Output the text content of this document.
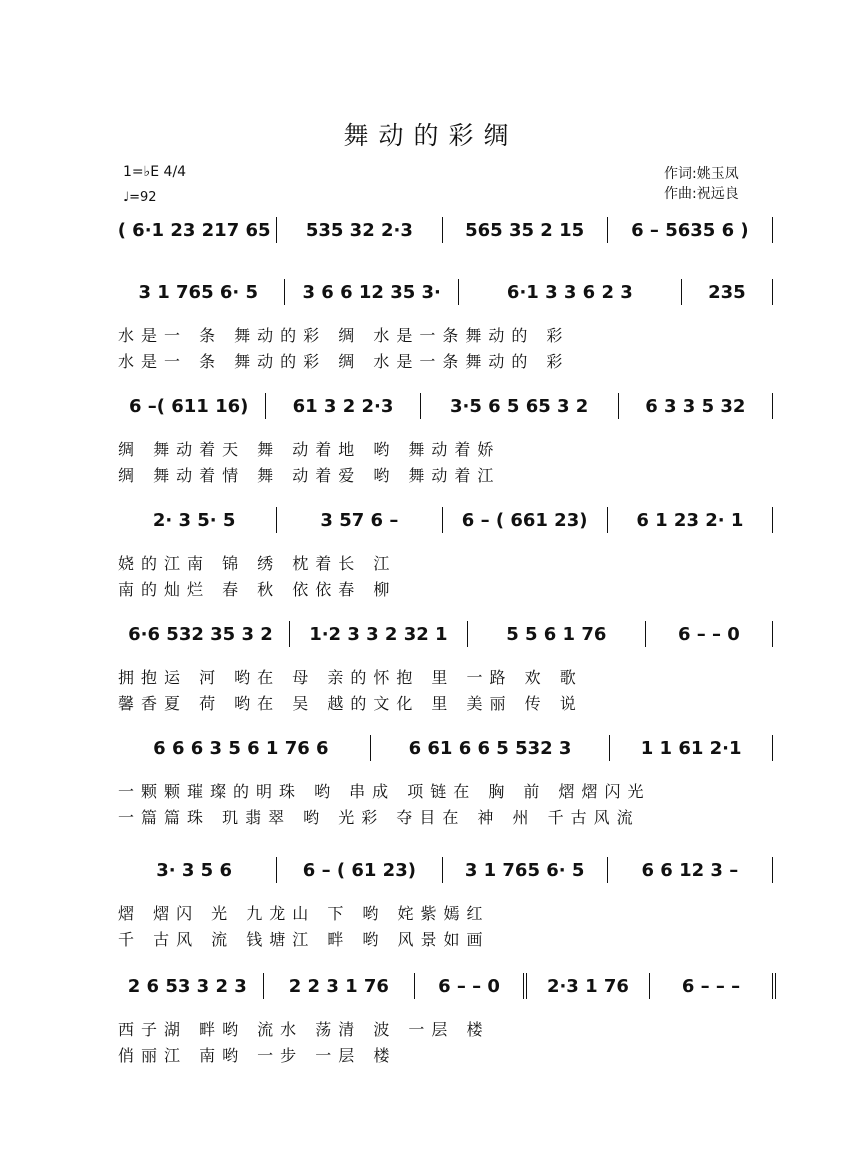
舞动的彩绸
1=♭E 4/4
♩=92
作词:姚玉凤
作曲:祝远良
( 6·1 23 217 65	535 32 2·3	565 35 2 15	6 – 5635 6 )
3 1 765 6· 5	3 6 6 12 35 3·	6·1 3 3 6 2 3	235
水是一 条 舞动的彩 绸 水是一条舞动的 彩
水是一 条 舞动的彩 绸 水是一条舞动的 彩
6 –( 611 16)	61 3 2 2·3	3·5 6 5 65 3 2	6 3 3 5 32
绸 舞动着天 舞 动着地 哟 舞动着娇
绸 舞动着情 舞 动着爱 哟 舞动着江
2· 3 5· 5	3 57 6 –	6 – ( 661 23)	6 1 23 2· 1
娆的江南 锦 绣 枕着长 江
南的灿烂 春 秋 依依春 柳
6·6 532 35 3 2	1·2 3 3 2 32 1	5 5 6 1 76	6 – – 0
拥抱运 河 哟在 母 亲的怀抱 里 一路 欢 歌
馨香夏 荷 哟在 吴 越的文化 里 美丽 传 说
6 6 6 3 5 6 1 76 6	6 61 6 6 5 532 3	1 1 61 2·1
一颗颗璀璨的明珠 哟 串成 项链在 胸 前 熠熠闪光
一篇篇珠 玑翡翠 哟 光彩 夺目在 神 州 千古风流
3· 3 5 6	6 – ( 61 23)	3 1 765 6· 5	6 6 12 3 –
熠 熠闪 光 九龙山 下 哟 姹紫嫣红
千 古风 流 钱塘江 畔 哟 风景如画
2 6 53 3 2 3	2 2 3 1 76	6 – – 0	2·3 1 76	6 – – –
西子湖 畔哟 流水 荡清 波 一层 楼
俏丽江 南哟 一步 一层 楼
